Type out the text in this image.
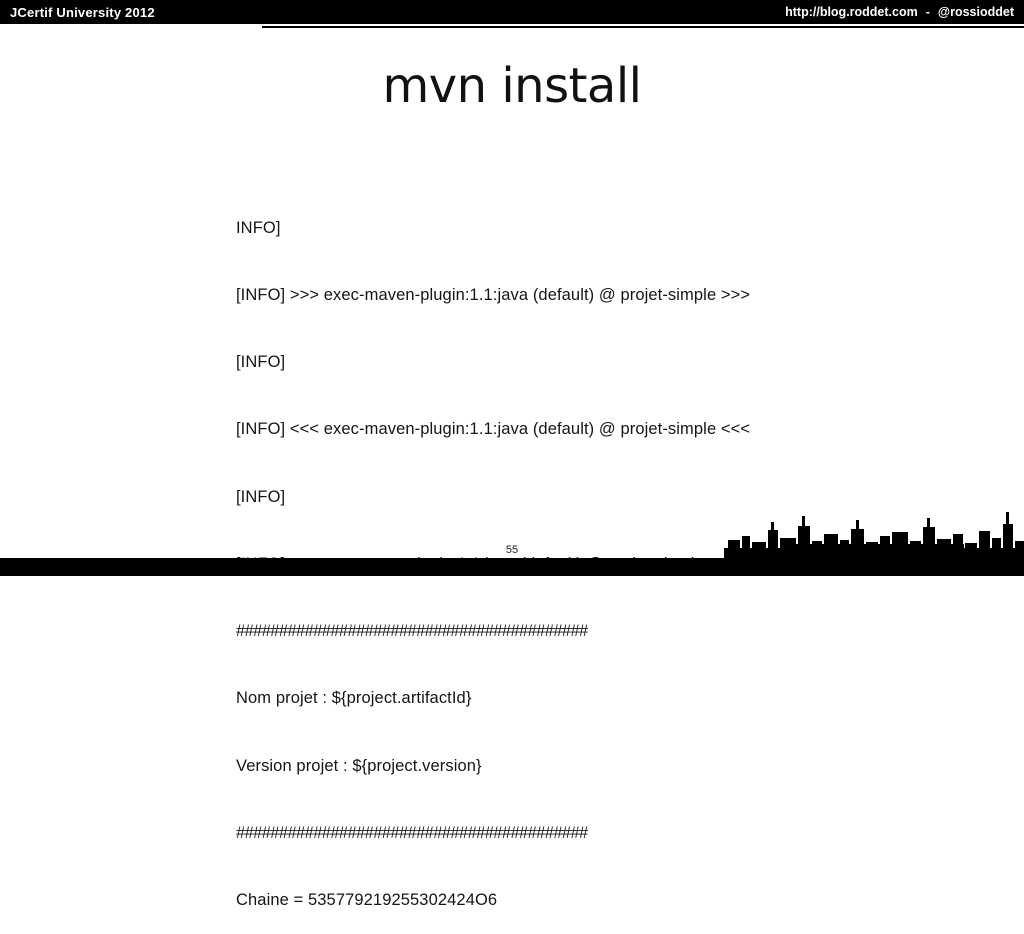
JCertif University 2012	http://blog.roddet.com - @rossioddet
mvn install

INFO]

[INFO] >>> exec-maven-plugin:1.1:java (default) @ projet-simple >>>

[INFO]

[INFO] <<< exec-maven-plugin:1.1:java (default) @ projet-simple <<<

[INFO]

#########################################

Nom projet : ${project.artifactId}

Version projet : ${project.version}

#########################################

Chaine = 535779219255302424O6

55
